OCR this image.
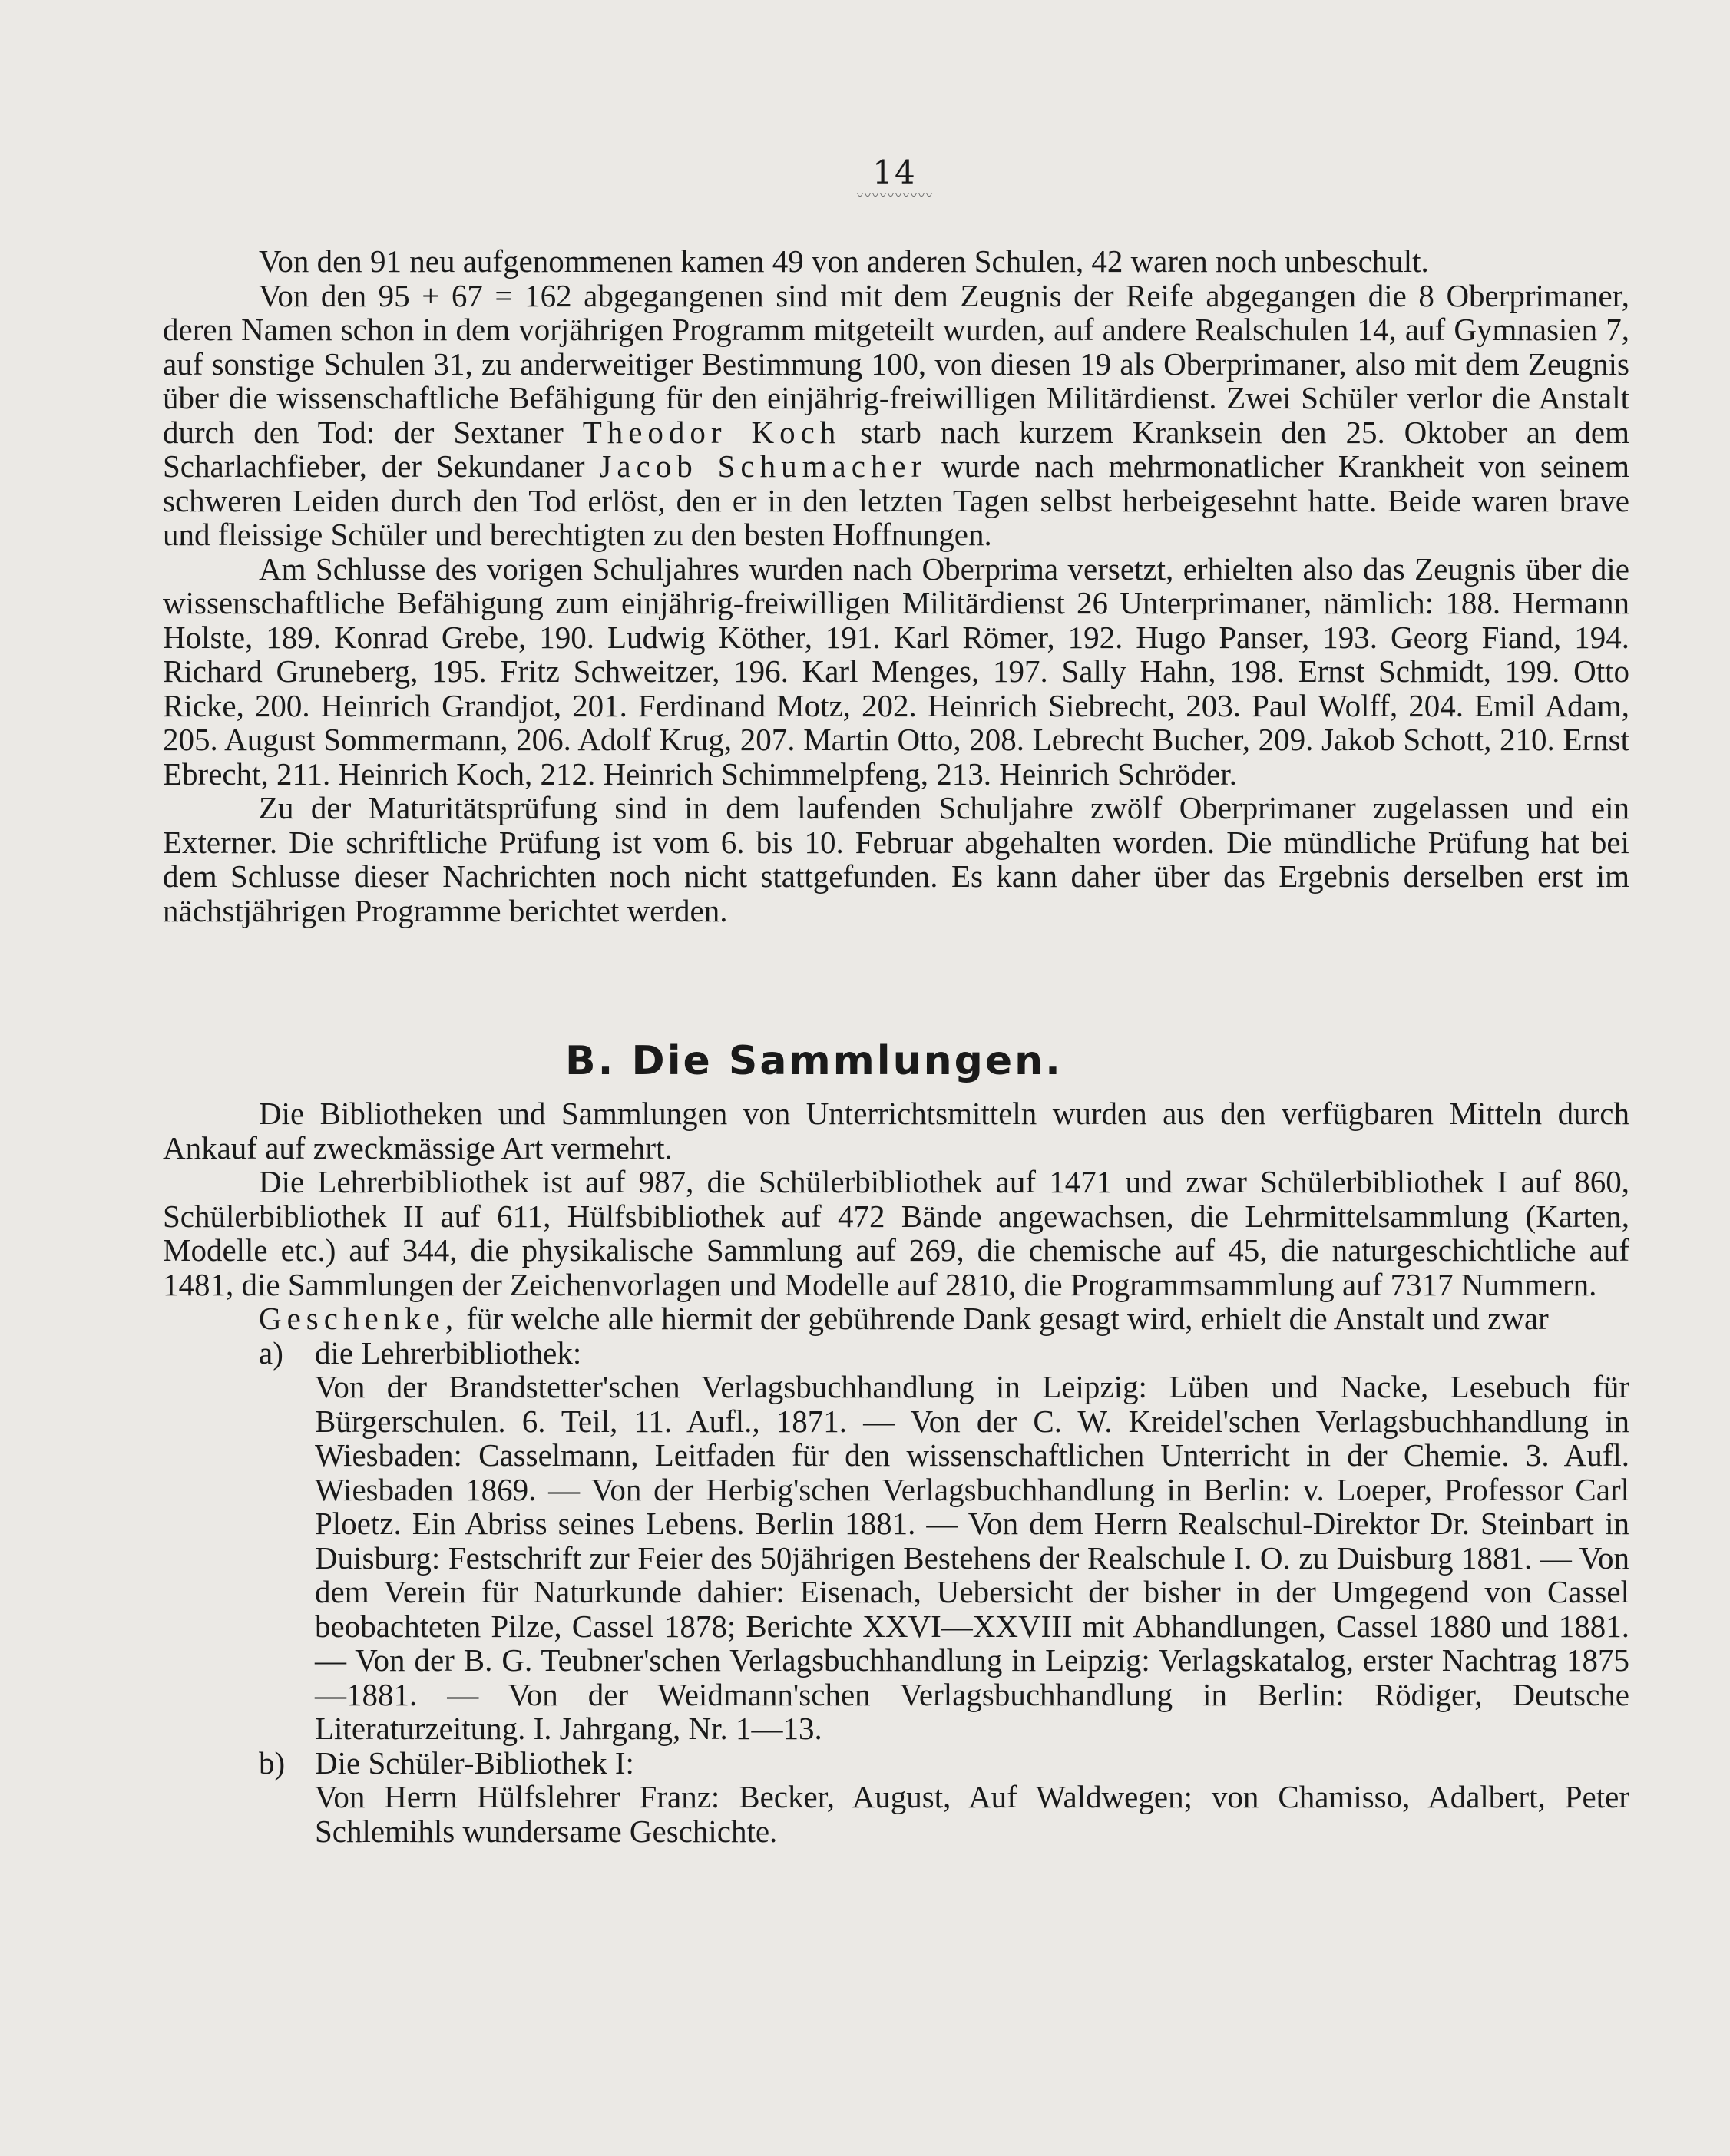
14
〰〰〰〰〰

Von den 91 neu aufgenommenen kamen 49 von anderen Schulen, 42 waren noch unbeschult.

Von den 95 + 67 = 162 abgegangenen sind mit dem Zeugnis der Reife abgegangen die 8 Oberprimaner, deren Namen schon in dem vorjährigen Programm mitgeteilt wurden, auf andere Realschulen 14, auf Gymnasien 7, auf sonstige Schulen 31, zu anderweitiger Bestimmung 100, von diesen 19 als Oberprimaner, also mit dem Zeugnis über die wissenschaftliche Befähigung für den einjährig-freiwilligen Militärdienst. Zwei Schüler verlor die Anstalt durch den Tod: der Sextaner Theodor Koch starb nach kurzem Kranksein den 25. Oktober an dem Scharlachfieber, der Sekundaner Jacob Schumacher wurde nach mehrmonatlicher Krankheit von seinem schweren Leiden durch den Tod erlöst, den er in den letzten Tagen selbst herbeigesehnt hatte. Beide waren brave und fleissige Schüler und berechtigten zu den besten Hoffnungen.

Am Schlusse des vorigen Schuljahres wurden nach Oberprima versetzt, erhielten also das Zeugnis über die wissenschaftliche Befähigung zum einjährig-freiwilligen Militärdienst 26 Unterprimaner, nämlich: 188. Hermann Holste, 189. Konrad Grebe, 190. Ludwig Köther, 191. Karl Römer, 192. Hugo Panser, 193. Georg Fiand, 194. Richard Gruneberg, 195. Fritz Schweitzer, 196. Karl Menges, 197. Sally Hahn, 198. Ernst Schmidt, 199. Otto Ricke, 200. Heinrich Grandjot, 201. Ferdinand Motz, 202. Heinrich Siebrecht, 203. Paul Wolff, 204. Emil Adam, 205. August Sommermann, 206. Adolf Krug, 207. Martin Otto, 208. Lebrecht Bucher, 209. Jakob Schott, 210. Ernst Ebrecht, 211. Heinrich Koch, 212. Heinrich Schimmelpfeng, 213. Heinrich Schröder.

Zu der Maturitätsprüfung sind in dem laufenden Schuljahre zwölf Oberprimaner zugelassen und ein Externer. Die schriftliche Prüfung ist vom 6. bis 10. Februar abgehalten worden. Die mündliche Prüfung hat bei dem Schlusse dieser Nachrichten noch nicht stattgefunden. Es kann daher über das Ergebnis derselben erst im nächstjährigen Programme berichtet werden.

B. Die Sammlungen.

Die Bibliotheken und Sammlungen von Unterrichtsmitteln wurden aus den verfügbaren Mitteln durch Ankauf auf zweckmässige Art vermehrt.

Die Lehrerbibliothek ist auf 987, die Schülerbibliothek auf 1471 und zwar Schülerbibliothek I auf 860, Schülerbibliothek II auf 611, Hülfsbibliothek auf 472 Bände angewachsen, die Lehrmittelsammlung (Karten, Modelle etc.) auf 344, die physikalische Sammlung auf 269, die chemische auf 45, die naturgeschichtliche auf 1481, die Sammlungen der Zeichenvorlagen und Modelle auf 2810, die Programmsammlung auf 7317 Nummern.

Geschenke, für welche alle hiermit der gebührende Dank gesagt wird, erhielt die Anstalt und zwar

a) die Lehrerbibliothek:
Von der Brandstetter'schen Verlagsbuchhandlung in Leipzig: Lüben und Nacke, Lesebuch für Bürgerschulen. 6. Teil, 11. Aufl., 1871. — Von der C. W. Kreidel'schen Verlagsbuchhandlung in Wiesbaden: Casselmann, Leitfaden für den wissenschaftlichen Unterricht in der Chemie. 3. Aufl. Wiesbaden 1869. — Von der Herbig'schen Verlagsbuchhandlung in Berlin: v. Loeper, Professor Carl Ploetz. Ein Abriss seines Lebens. Berlin 1881. — Von dem Herrn Realschul-Direktor Dr. Steinbart in Duisburg: Festschrift zur Feier des 50jährigen Bestehens der Realschule I. O. zu Duisburg 1881. — Von dem Verein für Naturkunde dahier: Eisenach, Uebersicht der bisher in der Umgegend von Cassel beobachteten Pilze, Cassel 1878; Berichte XXVI—XXVIII mit Abhandlungen, Cassel 1880 und 1881. — Von der B. G. Teubner'schen Verlagsbuchhandlung in Leipzig: Verlagskatalog, erster Nachtrag 1875—1881. — Von der Weidmann'schen Verlagsbuchhandlung in Berlin: Rödiger, Deutsche Literaturzeitung. I. Jahrgang, Nr. 1—13.
b) Die Schüler-Bibliothek I:
Von Herrn Hülfslehrer Franz: Becker, August, Auf Waldwegen; von Chamisso, Adalbert, Peter Schlemihls wundersame Geschichte.
